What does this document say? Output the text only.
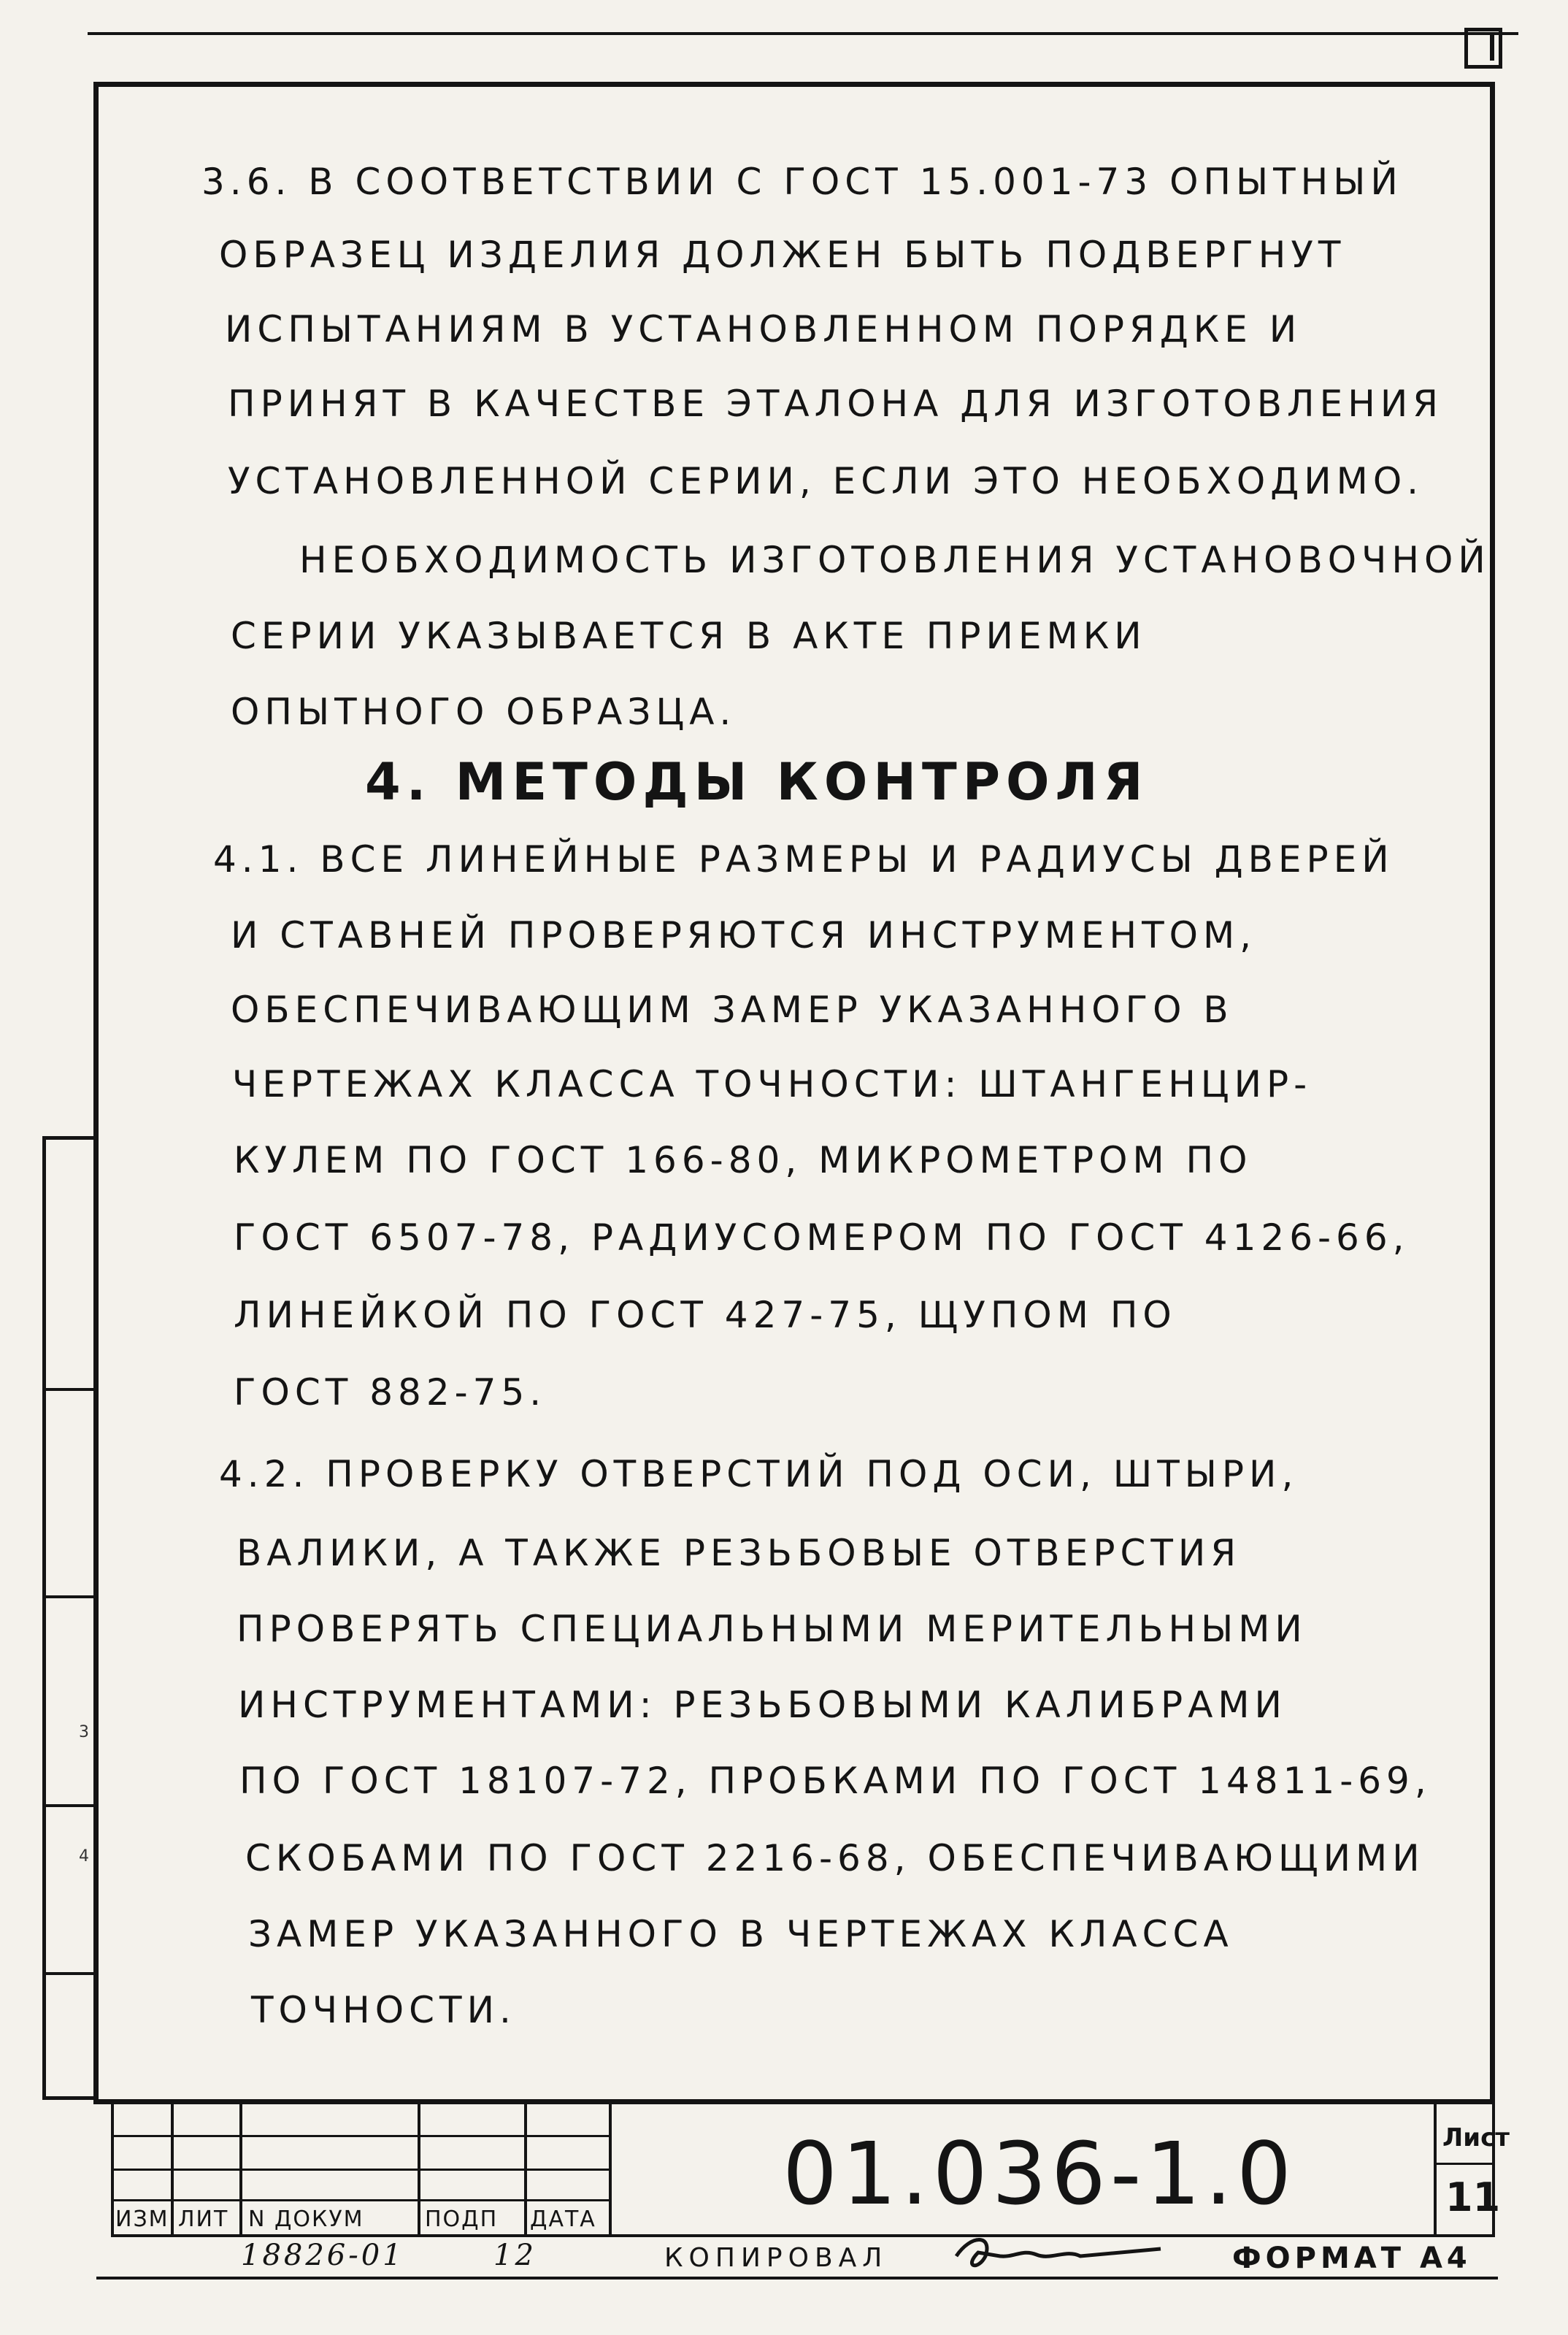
3
4
3.6. В СООТВЕТСТВИИ С ГОСТ 15.001-73 ОПЫТНЫЙ
ОБРАЗЕЦ ИЗДЕЛИЯ ДОЛЖЕН БЫТЬ ПОДВЕРГНУТ
ИСПЫТАНИЯМ В УСТАНОВЛЕННОМ ПОРЯДКЕ И
ПРИНЯТ В КАЧЕСТВЕ ЭТАЛОНА ДЛЯ ИЗГОТОВЛЕНИЯ
УСТАНОВЛЕННОЙ СЕРИИ, ЕСЛИ ЭТО НЕОБХОДИМО.
НЕОБХОДИМОСТЬ ИЗГОТОВЛЕНИЯ УСТАНОВОЧНОЙ
СЕРИИ УКАЗЫВАЕТСЯ В АКТЕ ПРИЕМКИ
ОПЫТНОГО ОБРАЗЦА.
4. МЕТОДЫ КОНТРОЛЯ
4.1. ВСЕ ЛИНЕЙНЫЕ РАЗМЕРЫ И РАДИУСЫ ДВЕРЕЙ
И СТАВНЕЙ ПРОВЕРЯЮТСЯ ИНСТРУМЕНТОМ,
ОБЕСПЕЧИВАЮЩИМ ЗАМЕР УКАЗАННОГО В
ЧЕРТЕЖАХ КЛАССА ТОЧНОСТИ: ШТАНГЕНЦИР-
КУЛЕМ ПО ГОСТ 166-80, МИКРОМЕТРОМ ПО
ГОСТ 6507-78, РАДИУСОМЕРОМ ПО ГОСТ 4126-66,
ЛИНЕЙКОЙ ПО ГОСТ 427-75, ЩУПОМ ПО
ГОСТ 882-75.
4.2. ПРОВЕРКУ ОТВЕРСТИЙ ПОД ОСИ, ШТЫРИ,
ВАЛИКИ, А ТАКЖЕ РЕЗЬБОВЫЕ ОТВЕРСТИЯ
ПРОВЕРЯТЬ СПЕЦИАЛЬНЫМИ МЕРИТЕЛЬНЫМИ
ИНСТРУМЕНТАМИ: РЕЗЬБОВЫМИ КАЛИБРАМИ
ПО ГОСТ 18107-72, ПРОБКАМИ ПО ГОСТ 14811-69,
СКОБАМИ ПО ГОСТ 2216-68, ОБЕСПЕЧИВАЮЩИМИ
ЗАМЕР УКАЗАННОГО В ЧЕРТЕЖАХ КЛАССА
ТОЧНОСТИ.
ИЗМ ЛИТ N ДОКУМ	ПОДП ДАТА 01.036-1.0	Лист
11
18826-01	12	КОПИРОВАЛ	ФОРМАТ А4
